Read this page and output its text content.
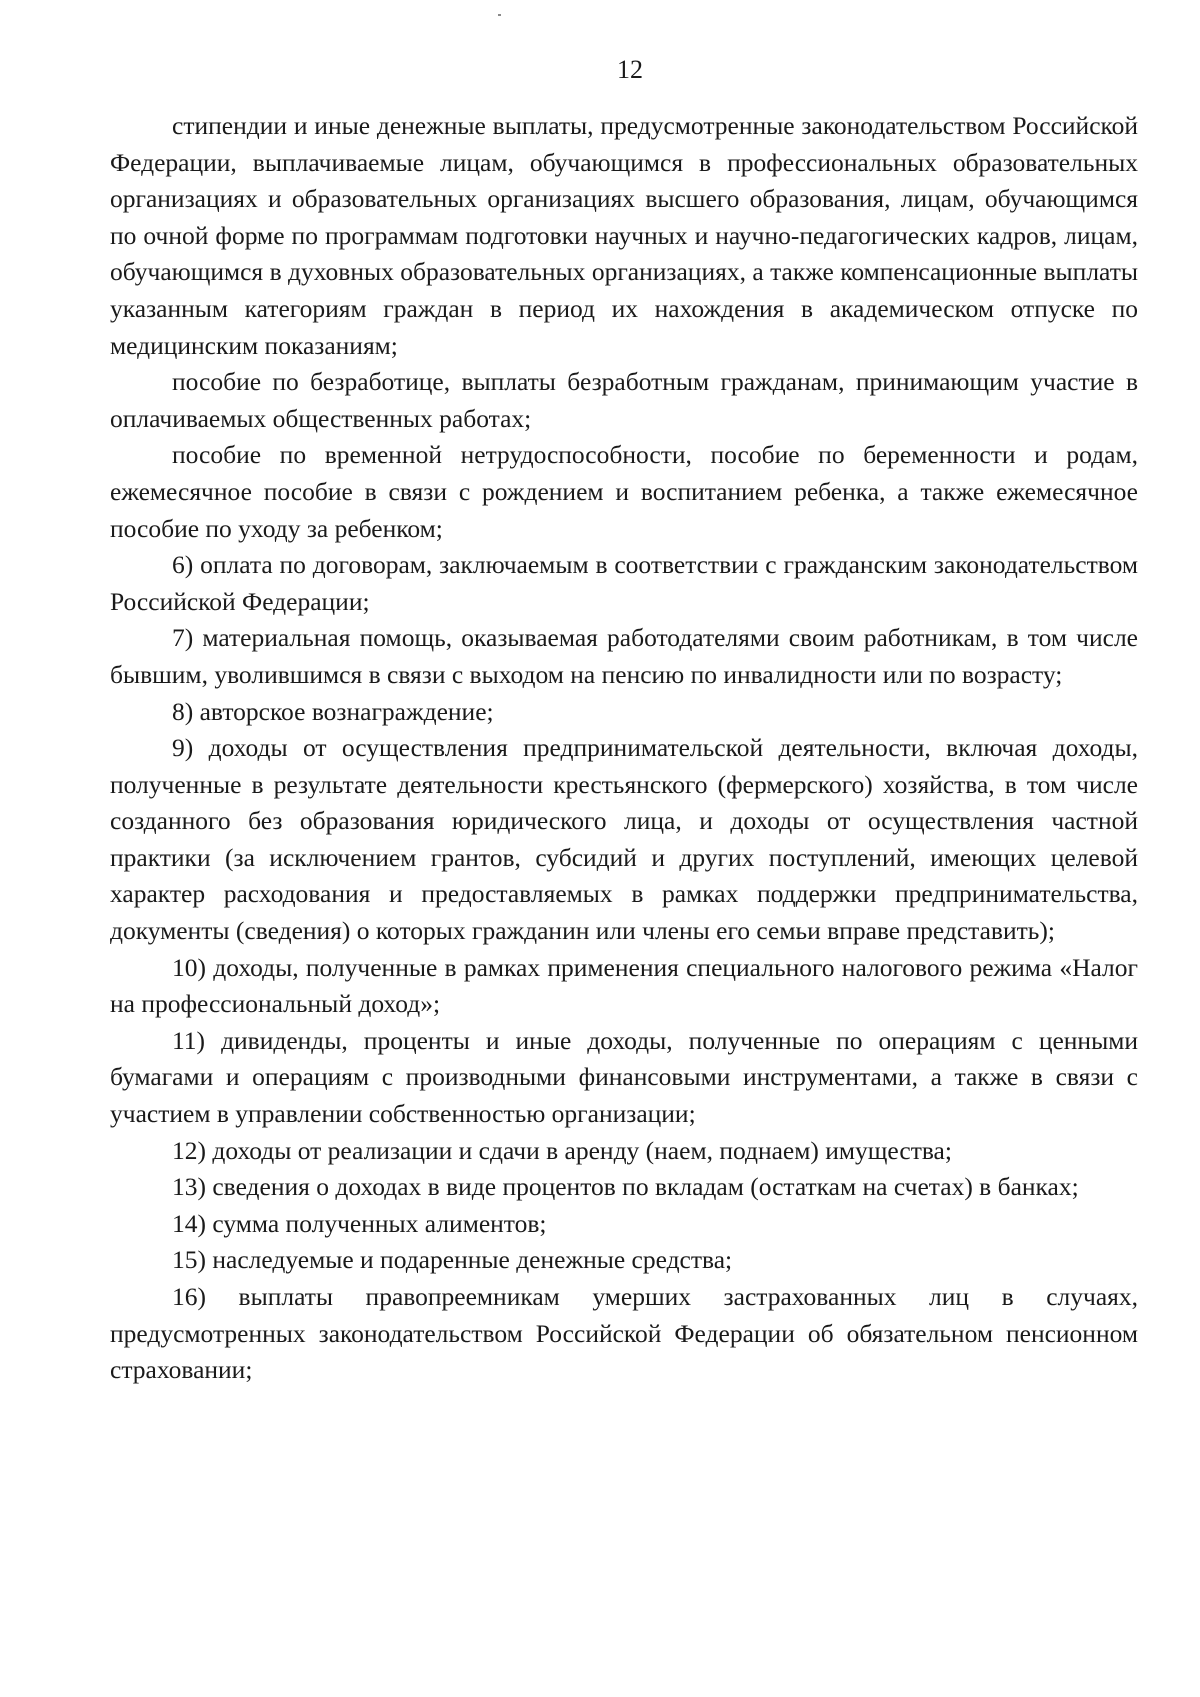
12

стипендии и иные денежные выплаты, предусмотренные законодательством Российской Федерации, выплачиваемые лицам, обучающимся в профессиональных образовательных организациях и образовательных организациях высшего образования, лицам, обучающимся по очной форме по программам подготовки научных и научно-педагогических кадров, лицам, обучающимся в духовных образовательных организациях, а также компенсационные выплаты указанным категориям граждан в период их нахождения в академическом отпуске по медицинским показаниям;

пособие по безработице, выплаты безработным гражданам, принимающим участие в оплачиваемых общественных работах;

пособие по временной нетрудоспособности, пособие по беременности и родам, ежемесячное пособие в связи с рождением и воспитанием ребенка, а также ежемесячное пособие по уходу за ребенком;

6) оплата по договорам, заключаемым в соответствии с гражданским законодательством Российской Федерации;

7) материальная помощь, оказываемая работодателями своим работникам, в том числе бывшим, уволившимся в связи с выходом на пенсию по инвалидности или по возрасту;

8) авторское вознаграждение;

9) доходы от осуществления предпринимательской деятельности, включая доходы, полученные в результате деятельности крестьянского (фермерского) хозяйства, в том числе созданного без образования юридического лица, и доходы от осуществления частной практики (за исключением грантов, субсидий и других поступлений, имеющих целевой характер расходования и предоставляемых в рамках поддержки предпринимательства, документы (сведения) о которых гражданин или члены его семьи вправе представить);

10) доходы, полученные в рамках применения специального налогового режима «Налог на профессиональный доход»;

11) дивиденды, проценты и иные доходы, полученные по операциям с ценными бумагами и операциям с производными финансовыми инструментами, а также в связи с участием в управлении собственностью организации;

12) доходы от реализации и сдачи в аренду (наем, поднаем) имущества;

13) сведения о доходах в виде процентов по вкладам (остаткам на счетах) в банках;

14) сумма полученных алиментов;

15) наследуемые и подаренные денежные средства;

16) выплаты правопреемникам умерших застрахованных лиц в случаях, предусмотренных законодательством Российской Федерации об обязательном пенсионном страховании;
